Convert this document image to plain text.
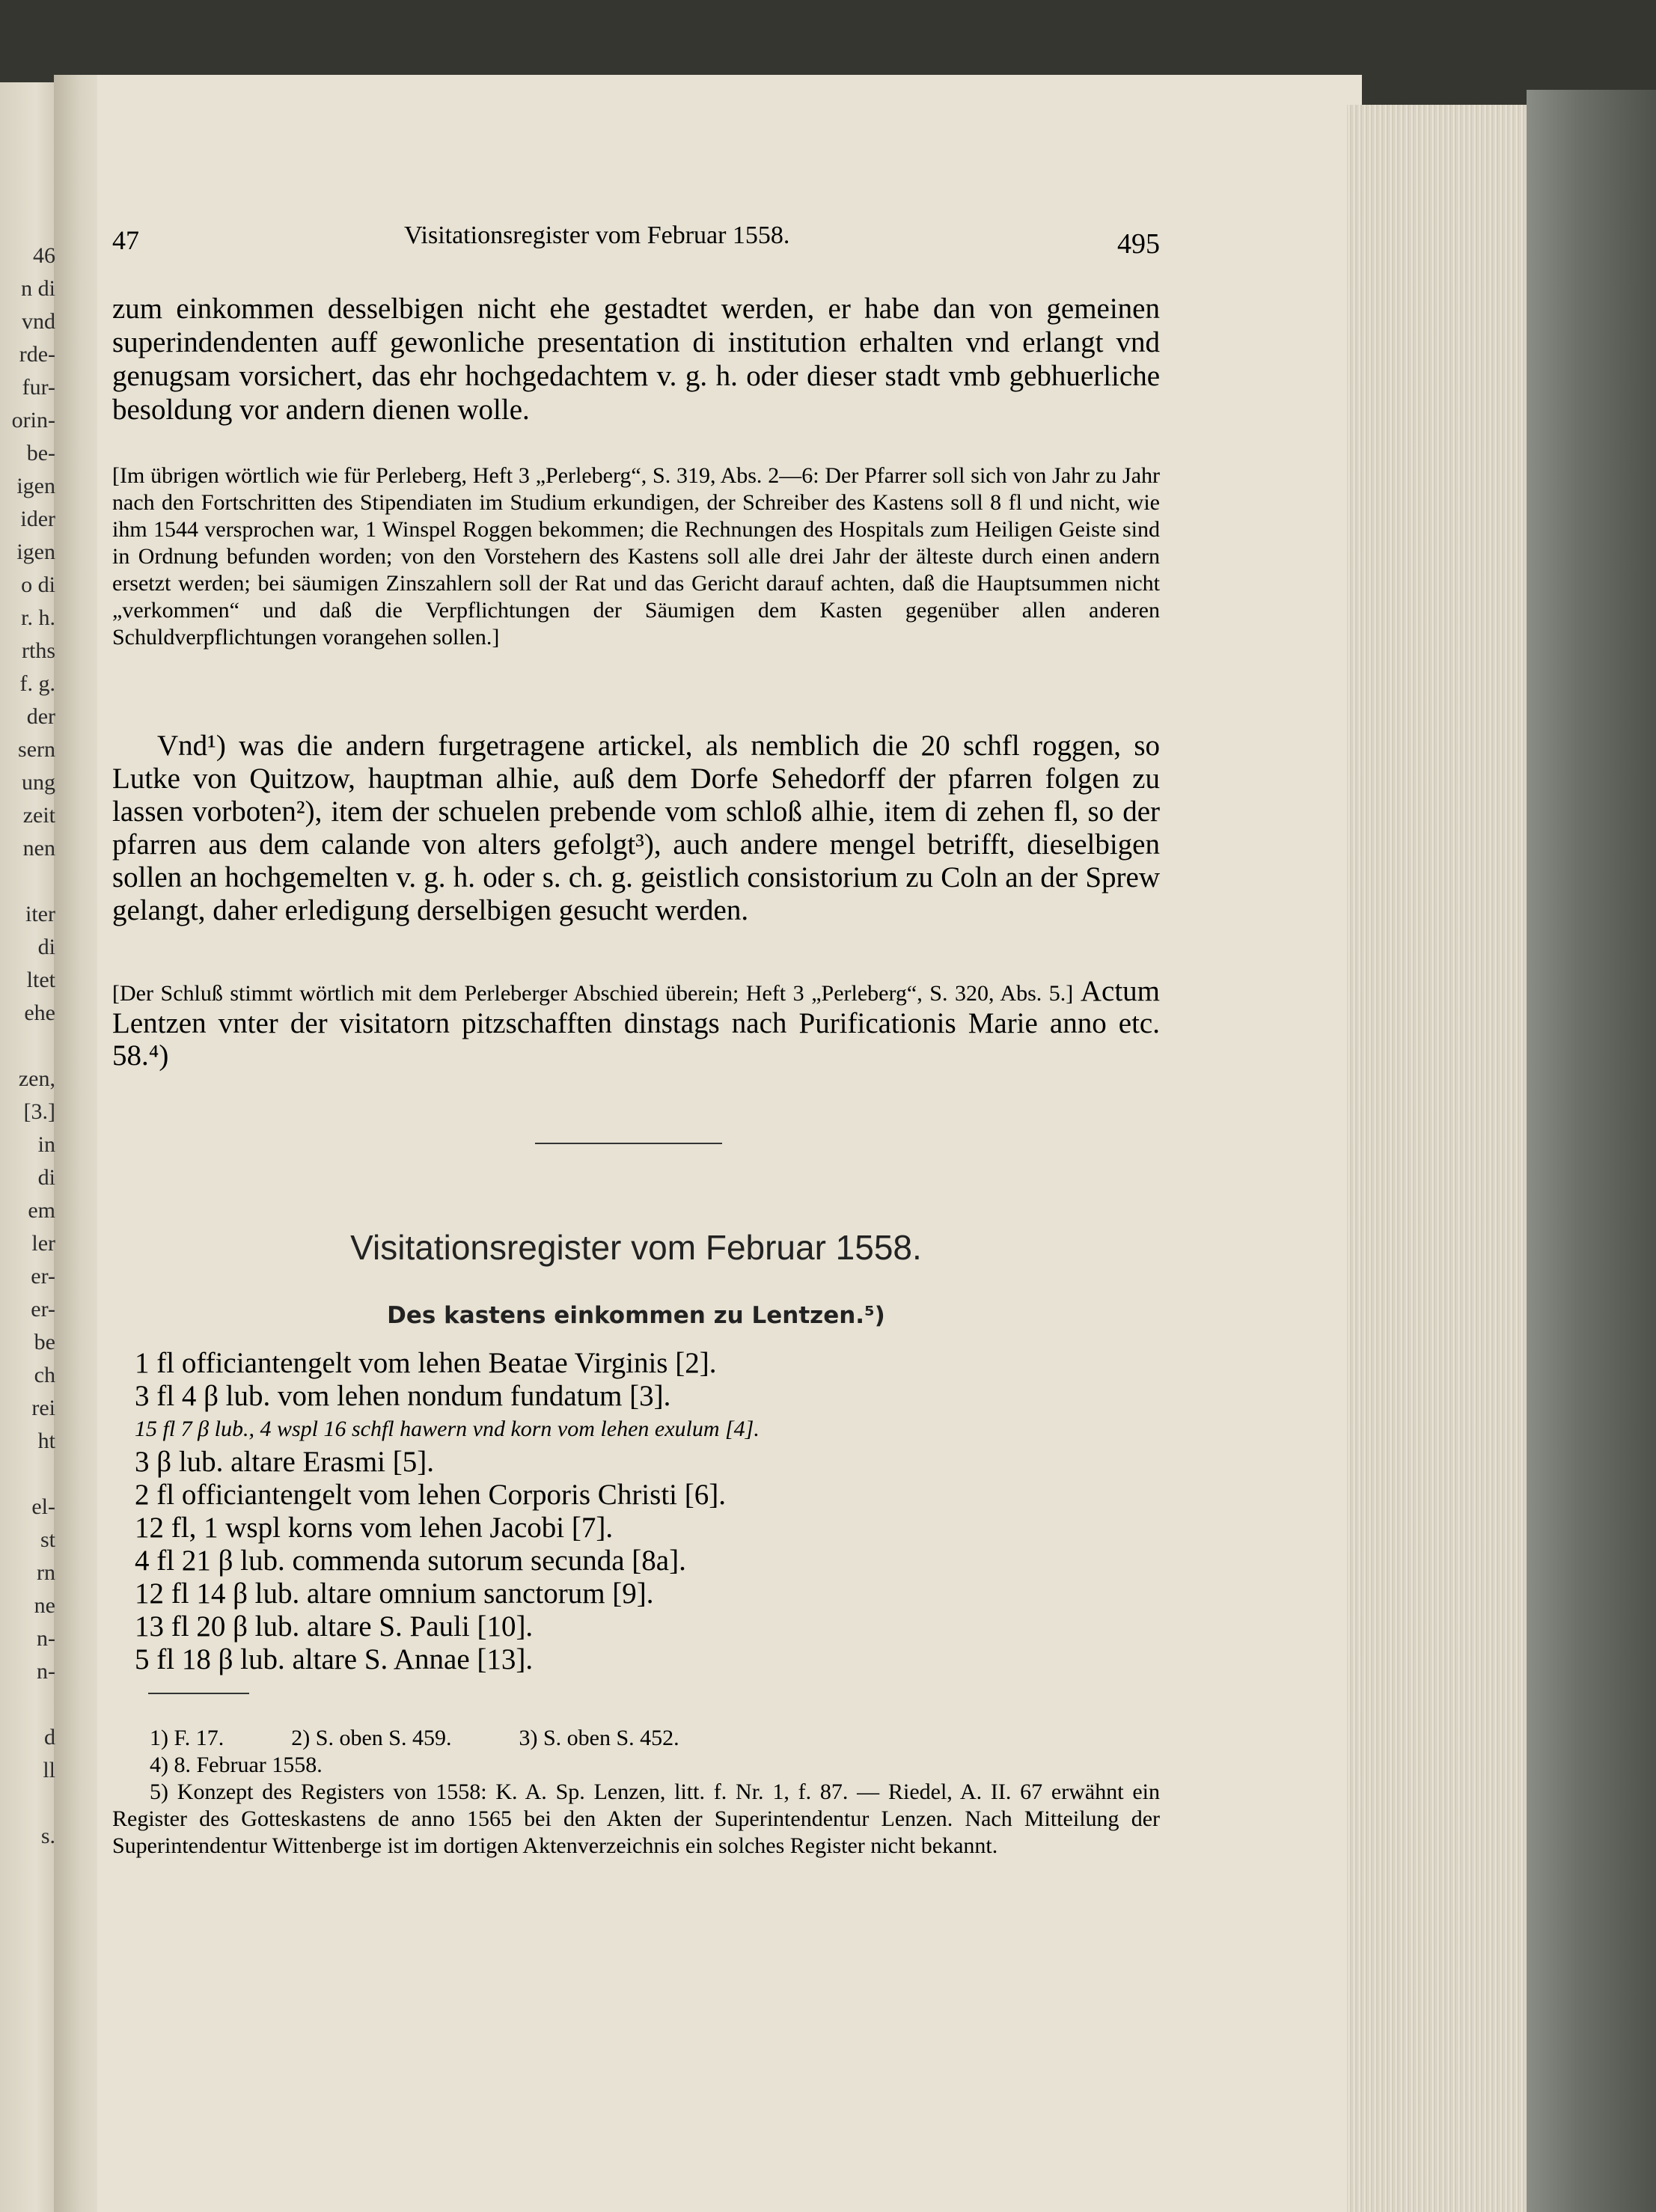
46
n di
vnd
rde-
fur-
orin-
be-
igen
ider
igen
o di
r. h.
rths
f. g.
der
sern
ung
zeit
nen

iter
di
ltet
ehe

zen,
[3.]
in
di
em
ler
er-
er-
be
ch
rei
ht

el-
st
rn
ne
n-
n-

d
ll

s.
47	Visitationsregister vom Februar 1558.	495
zum einkommen desselbigen nicht ehe gestadtet werden, er habe dan von gemeinen superindendenten auff gewonliche presentation di institution erhalten vnd erlangt vnd genugsam vorsichert, das ehr hochgedachtem v. g. h. oder dieser stadt vmb gebhuerliche besoldung vor andern dienen wolle.
[Im übrigen wörtlich wie für Perleberg, Heft 3 „Perleberg“, S. 319, Abs. 2—6: Der Pfarrer soll sich von Jahr zu Jahr nach den Fortschritten des Stipendiaten im Studium erkundigen, der Schreiber des Kastens soll 8 fl und nicht, wie ihm 1544 versprochen war, 1 Winspel Roggen bekommen; die Rechnungen des Hospitals zum Heiligen Geiste sind in Ordnung befunden worden; von den Vorstehern des Kastens soll alle drei Jahr der älteste durch einen andern ersetzt werden; bei säumigen Zinszahlern soll der Rat und das Gericht darauf achten, daß die Hauptsummen nicht „verkommen“ und daß die Verpflichtungen der Säumigen dem Kasten gegenüber allen anderen Schuldverpflichtungen vorangehen sollen.]
Vnd¹) was die andern furgetragene artickel, als nemblich die 20 schfl roggen, so Lutke von Quitzow, hauptman alhie, auß dem Dorfe Sehedorff der pfarren folgen zu lassen vorboten²), item der schuelen prebende vom schloß alhie, item di zehen fl, so der pfarren aus dem calande von alters gefolgt³), auch andere mengel betrifft, dieselbigen sollen an hochgemelten v. g. h. oder s. ch. g. geistlich consistorium zu Coln an der Sprew gelangt, daher erledigung derselbigen gesucht werden.
[Der Schluß stimmt wörtlich mit dem Perleberger Abschied überein; Heft 3 „Perleberg“, S. 320, Abs. 5.] Actum Lentzen vnter der visitatorn pitzschafften dinstags nach Purificationis Marie anno etc. 58.⁴)
Visitationsregister vom Februar 1558.
Des kastens einkommen zu Lentzen.⁵)
1 fl officiantengelt vom lehen Beatae Virginis [2].
3 fl 4 β lub. vom lehen nondum fundatum [3].
15 fl 7 β lub., 4 wspl 16 schfl hawern vnd korn vom lehen exulum [4].
3 β lub. altare Erasmi [5].
2 fl officiantengelt vom lehen Corporis Christi [6].
12 fl, 1 wspl korns vom lehen Jacobi [7].
4 fl 21 β lub. commenda sutorum secunda [8a].
12 fl 14 β lub. altare omnium sanctorum [9].
13 fl 20 β lub. altare S. Pauli [10].
5 fl 18 β lub. altare S. Annae [13].
1) F. 17.	2) S. oben S. 459.	3) S. oben S. 452.
4) 8. Februar 1558.
5) Konzept des Registers von 1558: K. A. Sp. Lenzen, litt. f. Nr. 1, f. 87. — Riedel, A. II. 67 erwähnt ein Register des Gotteskastens de anno 1565 bei den Akten der Superintendentur Lenzen. Nach Mitteilung der Superintendentur Wittenberge ist im dortigen Aktenverzeichnis ein solches Register nicht bekannt.
